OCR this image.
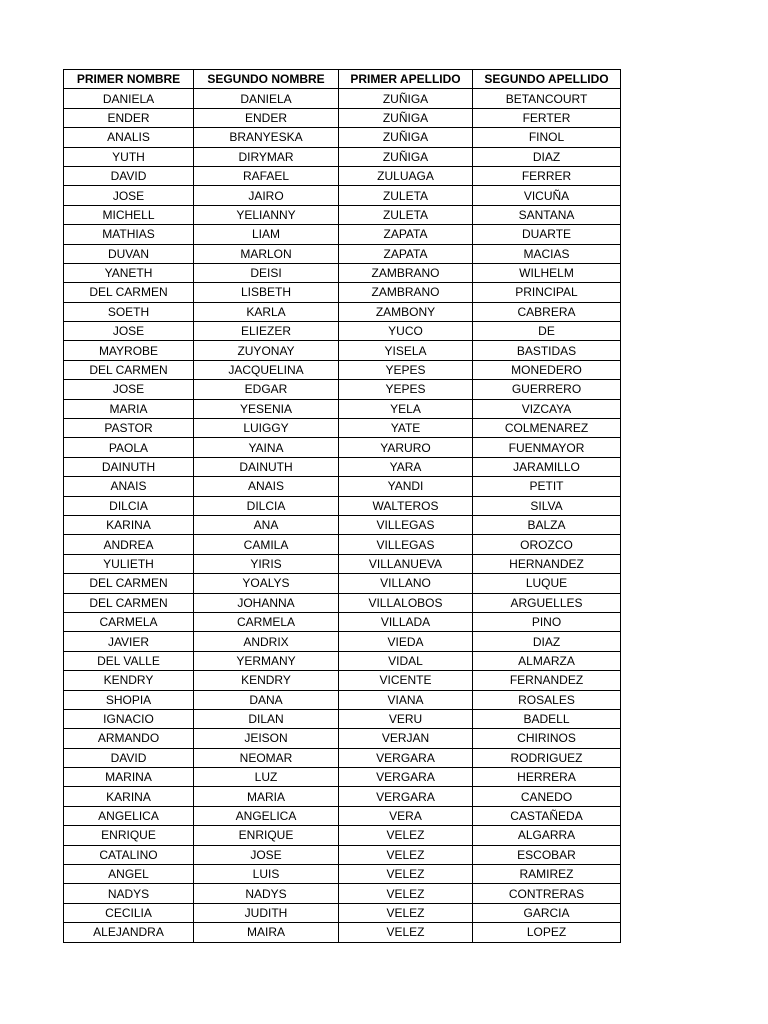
PRIMER NOMBRE	SEGUNDO NOMBRE	PRIMER APELLIDO	SEGUNDO APELLIDO
DANIELA	DANIELA	ZUÑIGA	BETANCOURT
ENDER	ENDER	ZUÑIGA	FERTER
ANALIS	BRANYESKA	ZUÑIGA	FINOL
YUTH	DIRYMAR	ZUÑIGA	DIAZ
DAVID	RAFAEL	ZULUAGA	FERRER
JOSE	JAIRO	ZULETA	VICUÑA
MICHELL	YELIANNY	ZULETA	SANTANA
MATHIAS	LIAM	ZAPATA	DUARTE
DUVAN	MARLON	ZAPATA	MACIAS
YANETH	DEISI	ZAMBRANO	WILHELM
DEL CARMEN	LISBETH	ZAMBRANO	PRINCIPAL
SOETH	KARLA	ZAMBONY	CABRERA
JOSE	ELIEZER	YUCO	DE
MAYROBE	ZUYONAY	YISELA	BASTIDAS
DEL CARMEN	JACQUELINA	YEPES	MONEDERO
JOSE	EDGAR	YEPES	GUERRERO
MARIA	YESENIA	YELA	VIZCAYA
PASTOR	LUIGGY	YATE	COLMENAREZ
PAOLA	YAINA	YARURO	FUENMAYOR
DAINUTH	DAINUTH	YARA	JARAMILLO
ANAIS	ANAIS	YANDI	PETIT
DILCIA	DILCIA	WALTEROS	SILVA
KARINA	ANA	VILLEGAS	BALZA
ANDREA	CAMILA	VILLEGAS	OROZCO
YULIETH	YIRIS	VILLANUEVA	HERNANDEZ
DEL CARMEN	YOALYS	VILLANO	LUQUE
DEL CARMEN	JOHANNA	VILLALOBOS	ARGUELLES
CARMELA	CARMELA	VILLADA	PINO
JAVIER	ANDRIX	VIEDA	DIAZ
DEL VALLE	YERMANY	VIDAL	ALMARZA
KENDRY	KENDRY	VICENTE	FERNANDEZ
SHOPIA	DANA	VIANA	ROSALES
IGNACIO	DILAN	VERU	BADELL
ARMANDO	JEISON	VERJAN	CHIRINOS
DAVID	NEOMAR	VERGARA	RODRIGUEZ
MARINA	LUZ	VERGARA	HERRERA
KARINA	MARIA	VERGARA	CANEDO
ANGELICA	ANGELICA	VERA	CASTAÑEDA
ENRIQUE	ENRIQUE	VELEZ	ALGARRA
CATALINO	JOSE	VELEZ	ESCOBAR
ANGEL	LUIS	VELEZ	RAMIREZ
NADYS	NADYS	VELEZ	CONTRERAS
CECILIA	JUDITH	VELEZ	GARCIA
ALEJANDRA	MAIRA	VELEZ	LOPEZ
